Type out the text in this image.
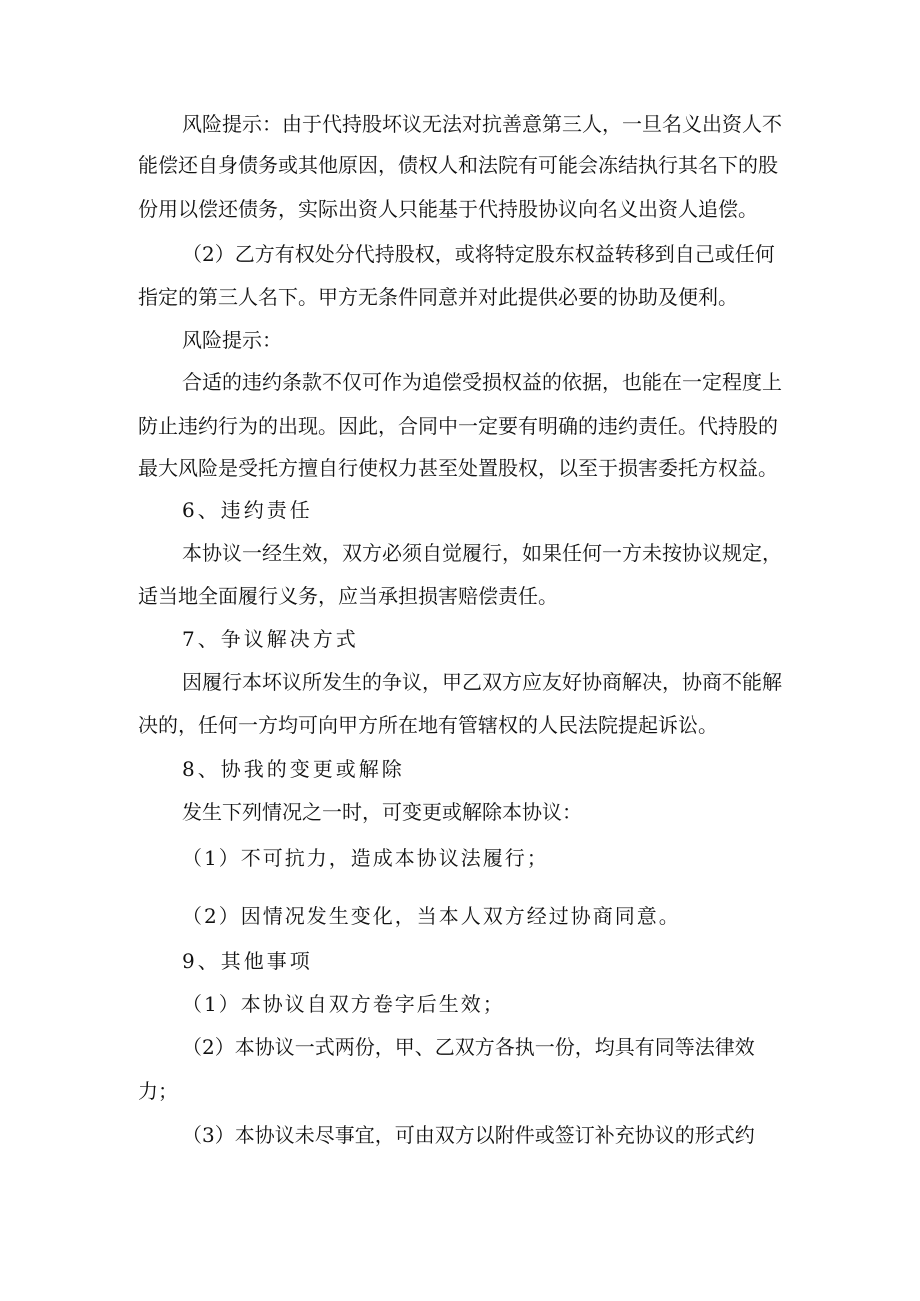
风险提示：由于代持股坏议无法对抗善意第三人，一旦名义出资人不

能偿还自身债务或其他原因，债权人和法院有可能会冻结执行其名下的股

份用以偿还债务，实际出资人只能基于代持股协议向名义出资人追偿。

（2）乙方有权处分代持股权，或将特定股东权益转移到自己或任何

指定的第三人名下。甲方无条件同意并对此提供必要的协助及便利。

风险提示：

合适的违约条款不仅可作为追偿受损权益的依据，也能在一定程度上

防止违约行为的出现。因此，合同中一定要有明确的违约责任。代持股的

最大风险是受托方擅自行使权力甚至处置股权，以至于损害委托方权益。

6、违约责任

本协议一经生效，双方必须自觉履行，如果任何一方未按协议规定，

适当地全面履行义务，应当承担损害赔偿责任。

7、争议解决方式

因履行本坏议所发生的争议，甲乙双方应友好协商解决，协商不能解

决的，任何一方均可向甲方所在地有管辖权的人民法院提起诉讼。

8、协我的变更或解除

发生下列情况之一时，可变更或解除本协议：

（1）不可抗力，造成本协议法履行；

（2）因情况发生变化，当本人双方经过协商同意。

9、其他事项

（1）本协议自双方卷字后生效；

（2）本协议一式两份，甲、乙双方各执一份，均具有同等法律效

力；

（3）本协议未尽事宜，可由双方以附件或签订补充协议的形式约
